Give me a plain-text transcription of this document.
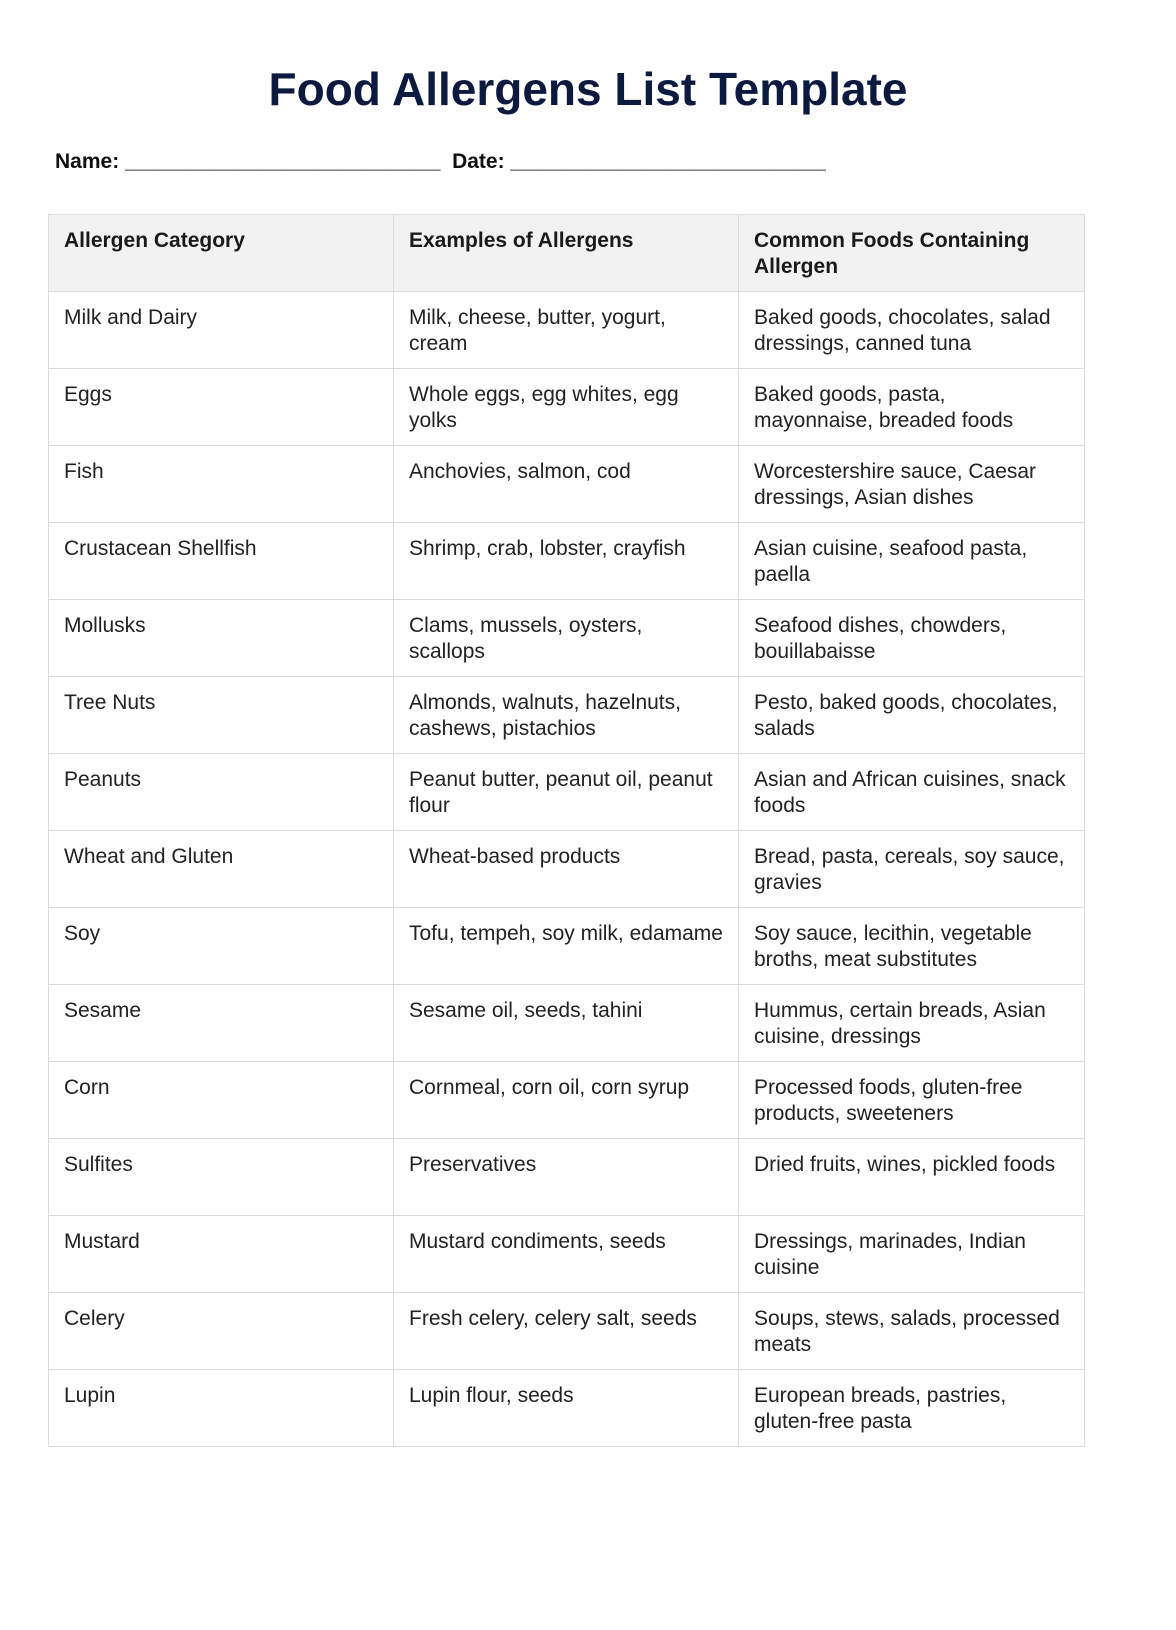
Food Allergens List Template
Name: ___________________________ Date: ___________________________
Allergen Category	Examples of Allergens	Common Foods Containing Allergen
Milk and Dairy	Milk, cheese, butter, yogurt, cream	Baked goods, chocolates, salad dressings, canned tuna
Eggs	Whole eggs, egg whites, egg yolks	Baked goods, pasta, mayonnaise, breaded foods
Fish	Anchovies, salmon, cod	Worcestershire sauce, Caesar dressings, Asian dishes
Crustacean Shellfish	Shrimp, crab, lobster, crayfish	Asian cuisine, seafood pasta, paella
Mollusks	Clams, mussels, oysters, scallops	Seafood dishes, chowders, bouillabaisse
Tree Nuts	Almonds, walnuts, hazelnuts, cashews, pistachios	Pesto, baked goods, chocolates, salads
Peanuts	Peanut butter, peanut oil, peanut flour	Asian and African cuisines, snack foods
Wheat and Gluten	Wheat-based products	Bread, pasta, cereals, soy sauce, gravies
Soy	Tofu, tempeh, soy milk, edamame	Soy sauce, lecithin, vegetable broths, meat substitutes
Sesame	Sesame oil, seeds, tahini	Hummus, certain breads, Asian cuisine, dressings
Corn	Cornmeal, corn oil, corn syrup	Processed foods, gluten-free products, sweeteners
Sulfites	Preservatives	Dried fruits, wines, pickled foods
Mustard	Mustard condiments, seeds	Dressings, marinades, Indian cuisine
Celery	Fresh celery, celery salt, seeds	Soups, stews, salads, processed meats
Lupin	Lupin flour, seeds	European breads, pastries, gluten-free pasta
